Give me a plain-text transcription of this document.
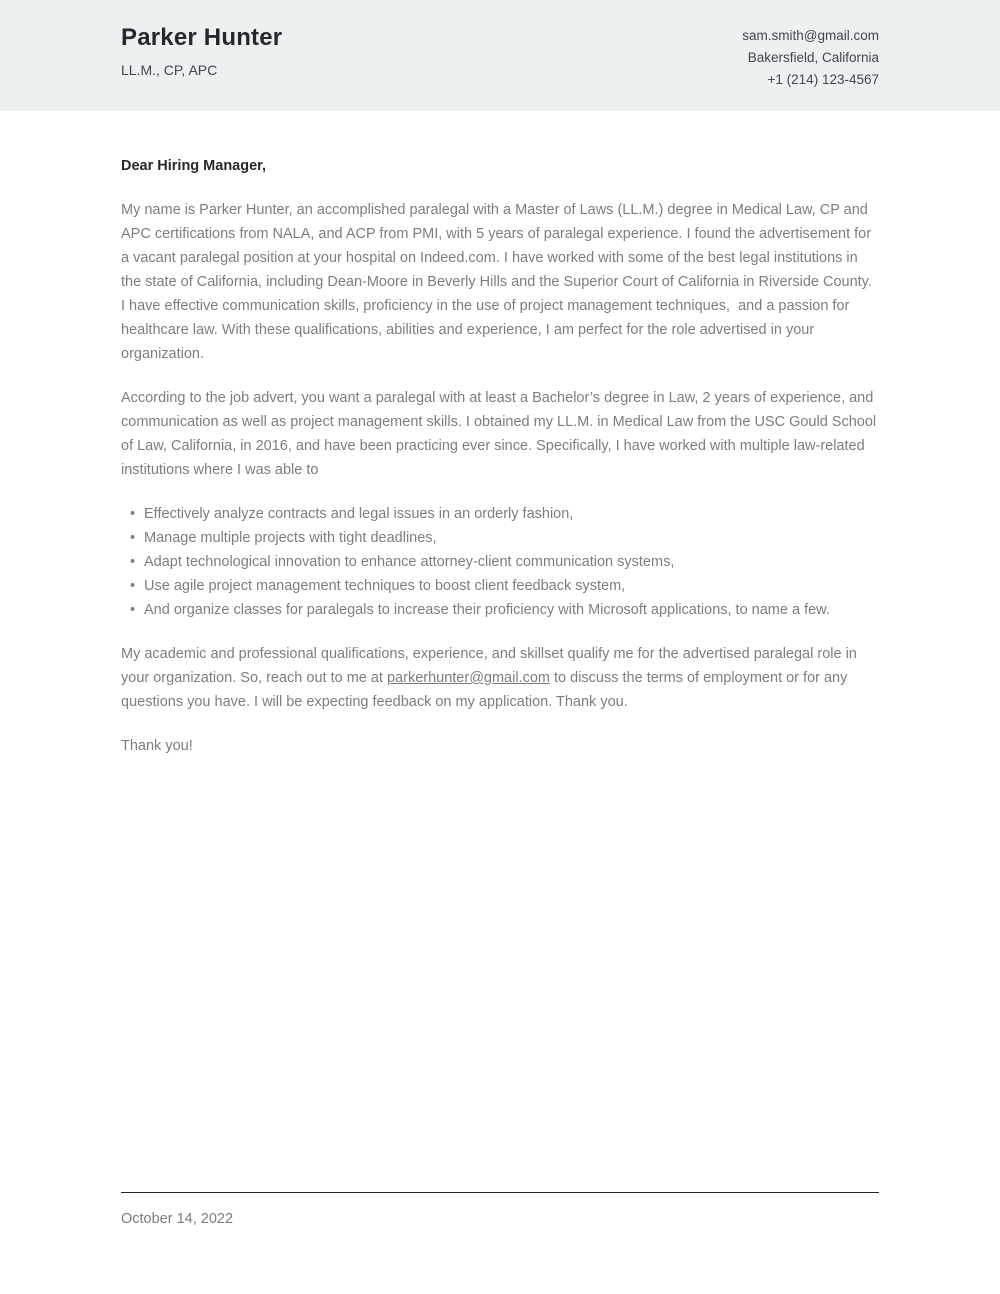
Parker Hunter
LL.M., CP, APC
sam.smith@gmail.com
Bakersfield, California
+1 (214) 123-4567
Dear Hiring Manager,

My name is Parker Hunter, an accomplished paralegal with a Master of Laws (LL.M.) degree in Medical Law, CP and APC certifications from NALA, and ACP from PMI, with 5 years of paralegal experience. I found the advertisement for a vacant paralegal position at your hospital on Indeed.com. I have worked with some of the best legal institutions in the state of California, including Dean-Moore in Beverly Hills and the Superior Court of California in Riverside County. I have effective communication skills, proficiency in the use of project management techniques,  and a passion for healthcare law. With these qualifications, abilities and experience, I am perfect for the role advertised in your organization.

According to the job advert, you want a paralegal with at least a Bachelor’s degree in Law, 2 years of experience, and communication as well as project management skills. I obtained my LL.M. in Medical Law from the USC Gould School of Law, California, in 2016, and have been practicing ever since. Specifically, I have worked with multiple law-related institutions where I was able to

• Effectively analyze contracts and legal issues in an orderly fashion,
• Manage multiple projects with tight deadlines,
• Adapt technological innovation to enhance attorney-client communication systems,
• Use agile project management techniques to boost client feedback system,
• And organize classes for paralegals to increase their proficiency with Microsoft applications, to name a few.

My academic and professional qualifications, experience, and skillset qualify me for the advertised paralegal role in your organization. So, reach out to me at parkerhunter@gmail.com to discuss the terms of employment or for any questions you have. I will be expecting feedback on my application. Thank you.

Thank you!
October 14, 2022
